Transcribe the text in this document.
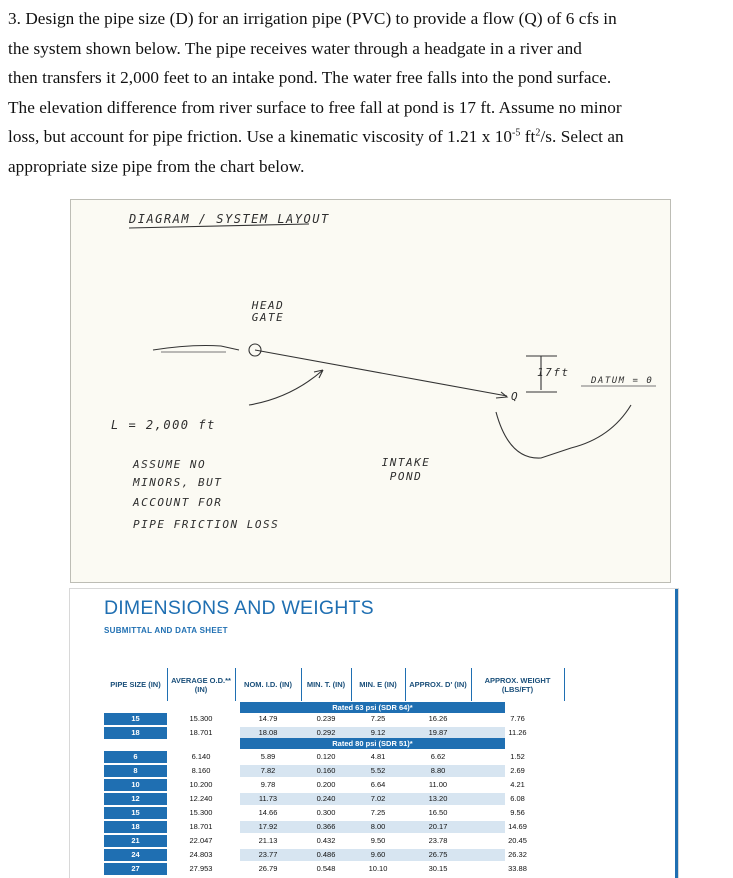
3. Design the pipe size (D) for an irrigation pipe (PVC) to provide a flow (Q) of 6 cfs in

the system shown below. The pipe receives water through a headgate in a river and

then transfers it 2,000 feet to an intake pond. The water free falls into the pond surface.

The elevation difference from river surface to free fall at pond is 17 ft. Assume no minor

loss, but account for pipe friction. Use a kinematic viscosity of 1.21 x $10^{-5}$ $ft^2/s$. Select an

appropriate size pipe from the chart below.

DIAGRAM / SYSTEM LAYOUT
HEAD GATE
L = 2,000 ft
ASSUME NO
MINORS, BUT
ACCOUNT FOR
PIPE FRICTION LOSS
INTAKE POND
17ft
DATUM = 0
Q
DIMENSIONS AND WEIGHTS
SUBMITTAL AND DATA SHEET
PIPE SIZE (IN)	AVERAGE O.D.** (IN)	NOM. I.D. (IN)	MIN. T. (IN)	MIN. E (IN)	APPROX. D' (IN)	APPROX. WEIGHT (LBS/FT)
Rated 63 psi (SDR 64)*
15	15.300	14.79	0.239	7.25	16.26	7.76
18	18.701	18.08	0.292	9.12	19.87	11.26
Rated 80 psi (SDR 51)*
6	6.140	5.89	0.120	4.81	6.62	1.52
8	8.160	7.82	0.160	5.52	8.80	2.69
10	10.200	9.78	0.200	6.64	11.00	4.21
12	12.240	11.73	0.240	7.02	13.20	6.08
15	15.300	14.66	0.300	7.25	16.50	9.56
18	18.701	17.92	0.366	8.00	20.17	14.69
21	22.047	21.13	0.432	9.50	23.78	20.45
24	24.803	23.77	0.486	9.60	26.75	26.32
27	27.953	26.79	0.548	10.10	30.15	33.88
